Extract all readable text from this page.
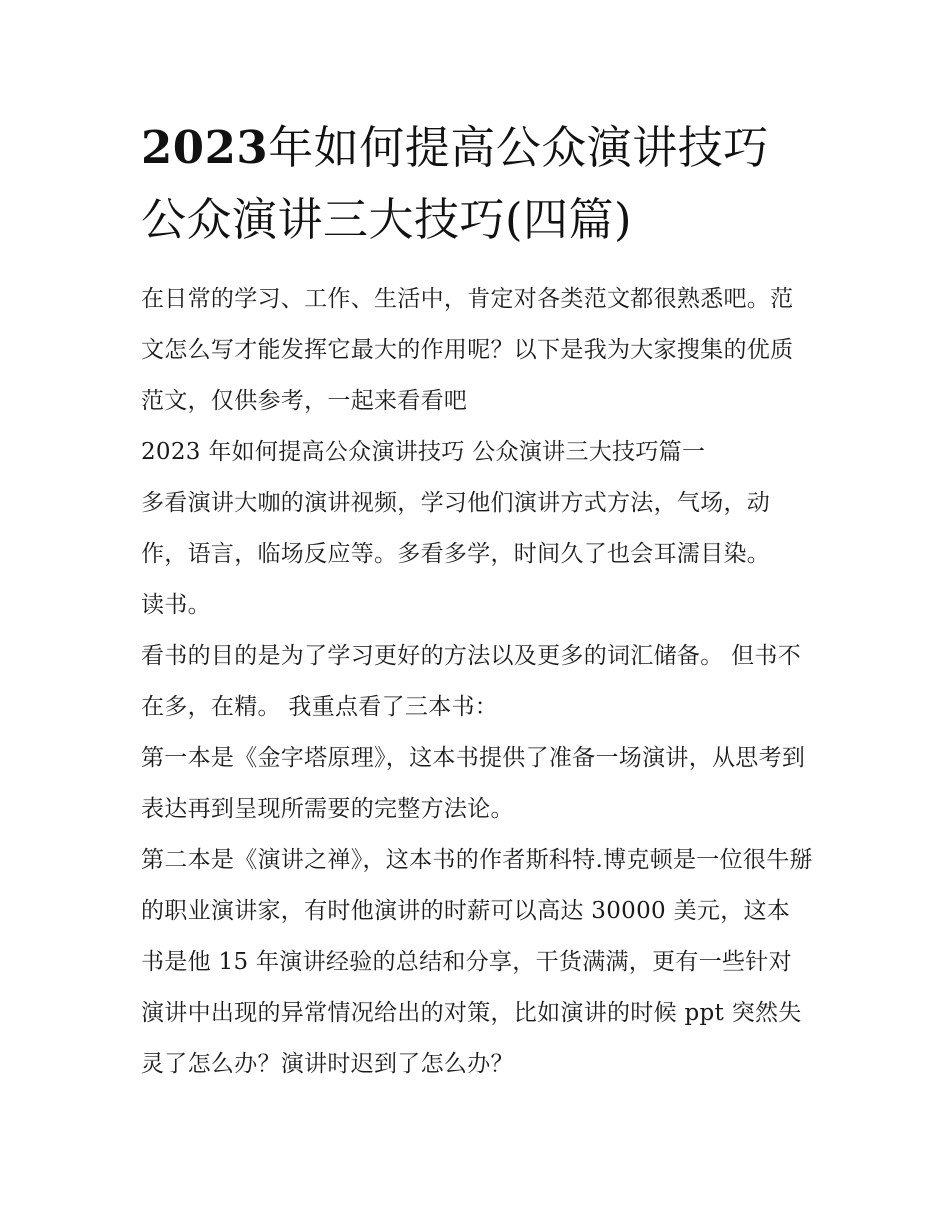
2023年如何提高公众演讲技巧公众演讲三大技巧(四篇)

在日常的学习、工作、生活中，肯定对各类范文都很熟悉吧。范文怎么写才能发挥它最大的作用呢？以下是我为大家搜集的优质范文，仅供参考，一起来看看吧

2023 年如何提高公众演讲技巧 公众演讲三大技巧篇一

多看演讲大咖的演讲视频，学习他们演讲方式方法，气场，动作，语言，临场反应等。多看多学，时间久了也会耳濡目染。

读书。

看书的目的是为了学习更好的方法以及更多的词汇储备。 但书不在多，在精。 我重点看了三本书：

第一本是《金字塔原理》，这本书提供了准备一场演讲，从思考到表达再到呈现所需要的完整方法论。

第二本是《演讲之禅》，这本书的作者斯科特.博克顿是一位很牛掰的职业演讲家，有时他演讲的时薪可以高达 30000 美元，这本书是他 15 年演讲经验的总结和分享，干货满满，更有一些针对演讲中出现的异常情况给出的对策，比如演讲的时候 ppt 突然失灵了怎么办？演讲时迟到了怎么办？
